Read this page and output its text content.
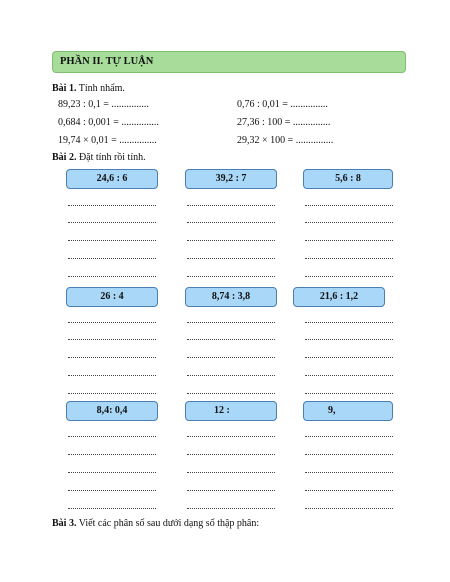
PHẦN II. TỰ LUẬN
Bài 1. Tính nhẩm.
89,23 : 0,1 = ...............	0,76 : 0,01 = ...............
0,684 : 0,001 = ...............	27,36 : 100 = ...............
19,74 × 0,01 = ...............	29,32 × 100 = ...............
Bài 2. Đặt tính rồi tính.
24,6 : 6	39,2 : 7	5,6 : 8
26 : 4	8,74 : 3,8	21,6 : 1,2
8,4: 0,4	12 :	9,
Bài 3. Viết các phân số sau dưới dạng số thập phân:
